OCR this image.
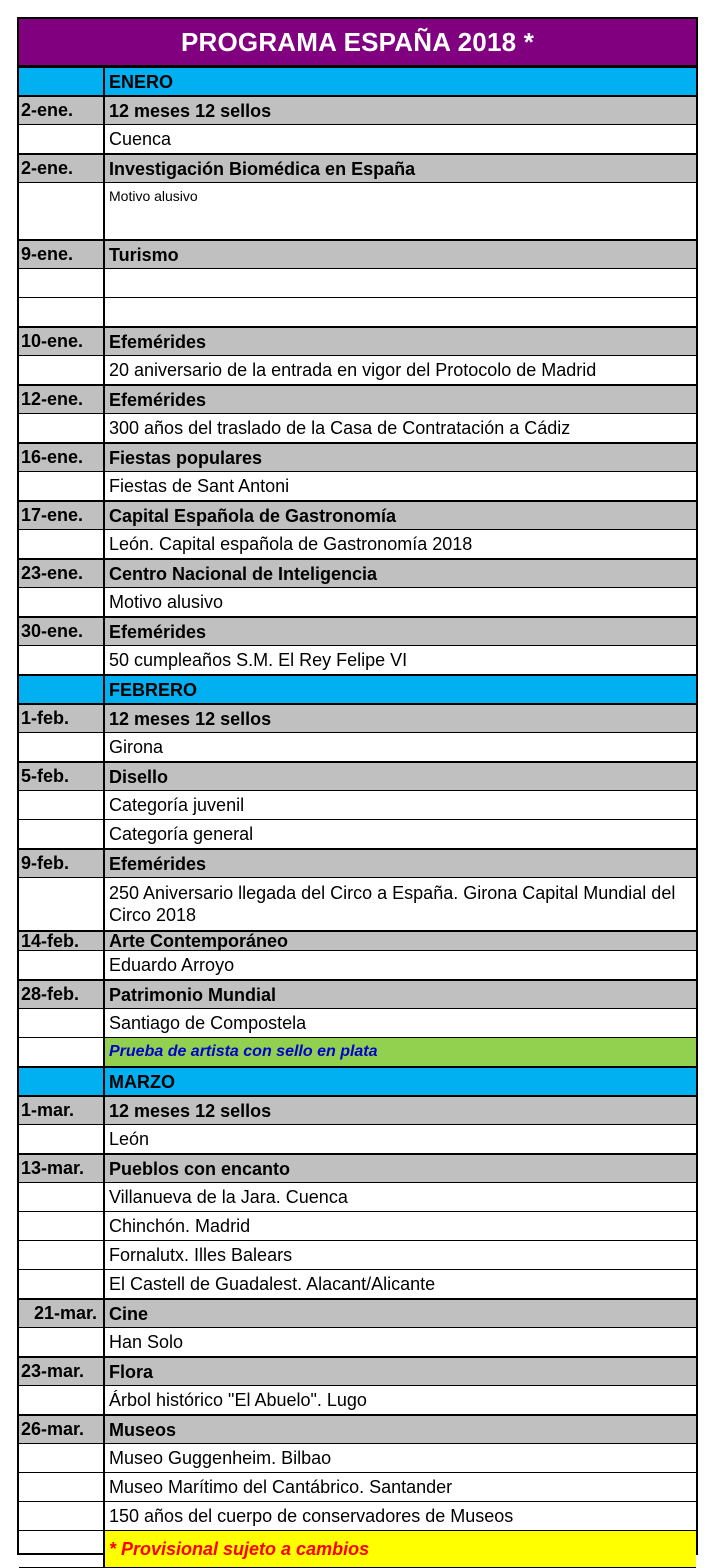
PROGRAMA ESPAÑA 2018 *
ENERO
2-ene.	12 meses 12 sellos
Cuenca
2-ene.	Investigación Biomédica en España
Motivo alusivo
9-ene.	Turismo
10-ene.	Efemérides
20 aniversario de la entrada en vigor del Protocolo de Madrid
12-ene.	Efemérides
300 años del traslado de la Casa de Contratación a Cádiz
16-ene.	Fiestas populares
Fiestas de Sant Antoni
17-ene.	Capital Española de Gastronomía
León. Capital española de Gastronomía 2018
23-ene.	Centro Nacional de Inteligencia
Motivo alusivo
30-ene.	Efemérides
50 cumpleaños S.M. El Rey Felipe VI
FEBRERO
1-feb.	12 meses 12 sellos
Girona
5-feb.	Disello
Categoría juvenil
Categoría general
9-feb.	Efemérides
250 Aniversario llegada del Circo a España. Girona Capital Mundial del Circo 2018
14-feb.	Arte Contemporáneo
Eduardo Arroyo
28-feb.	Patrimonio Mundial
Santiago de Compostela
Prueba de artista con sello en plata
MARZO
1-mar.	12 meses 12 sellos
León
13-mar.	Pueblos con encanto
Villanueva de la Jara. Cuenca
Chinchón. Madrid
Fornalutx. Illes Balears
El Castell de Guadalest. Alacant/Alicante
21-mar. Cine
Han Solo
23-mar.	Flora
Árbol histórico "El Abuelo". Lugo
26-mar.	Museos
Museo Guggenheim. Bilbao
Museo Marítimo del Cantábrico. Santander
150 años del cuerpo de conservadores de Museos
* Provisional sujeto a cambios
